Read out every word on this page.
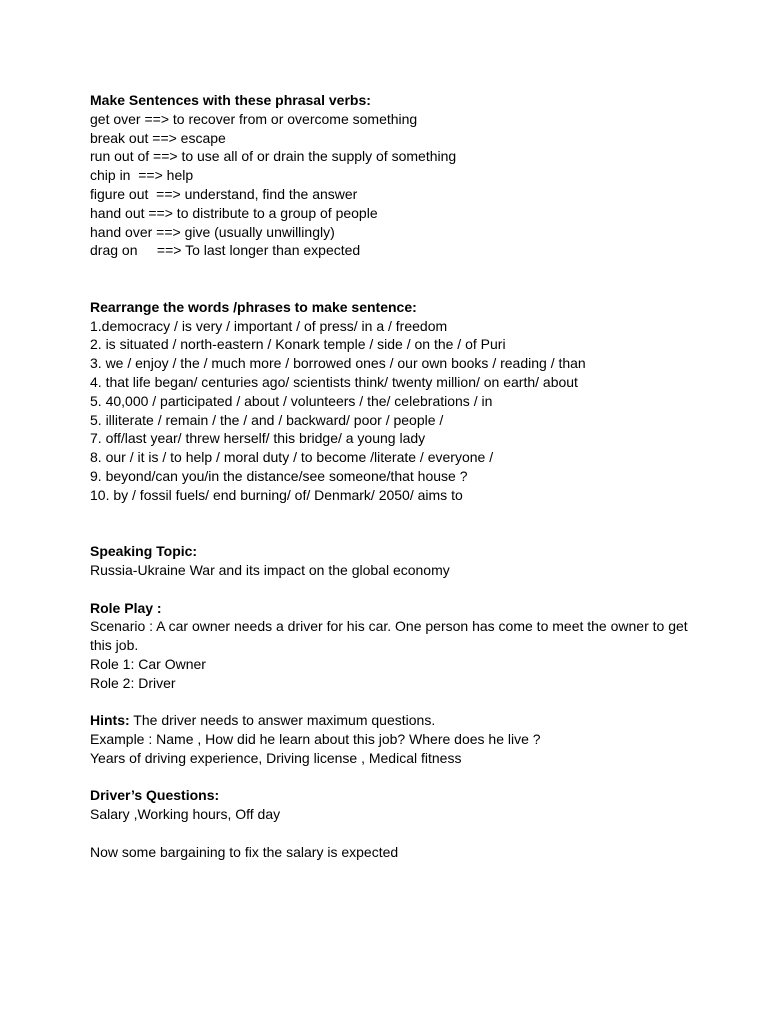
Make Sentences with these phrasal verbs:
get over ==> to recover from or overcome something
break out ==> escape
run out of ==> to use all of or drain the supply of something
chip in  ==> help
figure out  ==> understand, find the answer
hand out ==> to distribute to a group of people
hand over ==> give (usually unwillingly)
drag on     ==> To last longer than expected
Rearrange the words /phrases to make sentence:
1.democracy / is very / important / of press/ in a / freedom
2. is situated / north-eastern / Konark temple / side / on the / of Puri
3. we / enjoy / the / much more / borrowed ones / our own books / reading / than
4. that life began/ centuries ago/ scientists think/ twenty million/ on earth/ about
5. 40,000 / participated / about / volunteers / the/ celebrations / in
5. illiterate / remain / the / and / backward/ poor / people /
7. off/last year/ threw herself/ this bridge/ a young lady
8. our / it is / to help / moral duty / to become /literate / everyone /
9. beyond/can you/in the distance/see someone/that house ?
10. by / fossil fuels/ end burning/ of/ Denmark/ 2050/ aims to
Speaking Topic:
Russia-Ukraine War and its impact on the global economy
Role Play :
Scenario : A car owner needs a driver for his car. One person has come to meet the owner to get this job.
Role 1: Car Owner
Role 2: Driver
Hints: The driver needs to answer maximum questions.
Example : Name , How did he learn about this job? Where does he live ?
Years of driving experience, Driving license , Medical fitness
Driver’s Questions:
Salary ,Working hours, Off day
Now some bargaining to fix the salary is expected
